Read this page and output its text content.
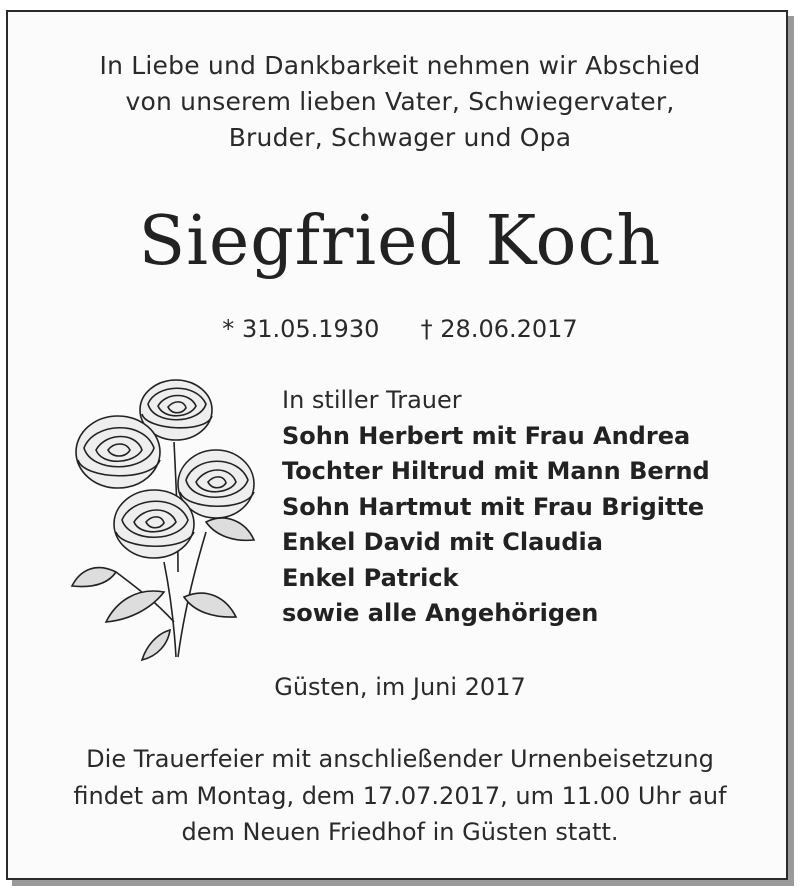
In Liebe und Dankbarkeit nehmen wir Abschied
von unserem lieben Vater, Schwiegervater,
Bruder, Schwager und Opa
Siegfried Koch
* 31.05.1930 † 28.06.2017
In stiller Trauer
Sohn Herbert mit Frau Andrea
Tochter Hiltrud mit Mann Bernd
Sohn Hartmut mit Frau Brigitte
Enkel David mit Claudia
Enkel Patrick
sowie alle Angehörigen
Güsten, im Juni 2017
Die Trauerfeier mit anschließender Urnenbeisetzung
findet am Montag, dem 17.07.2017, um 11.00 Uhr auf
dem Neuen Friedhof in Güsten statt.
